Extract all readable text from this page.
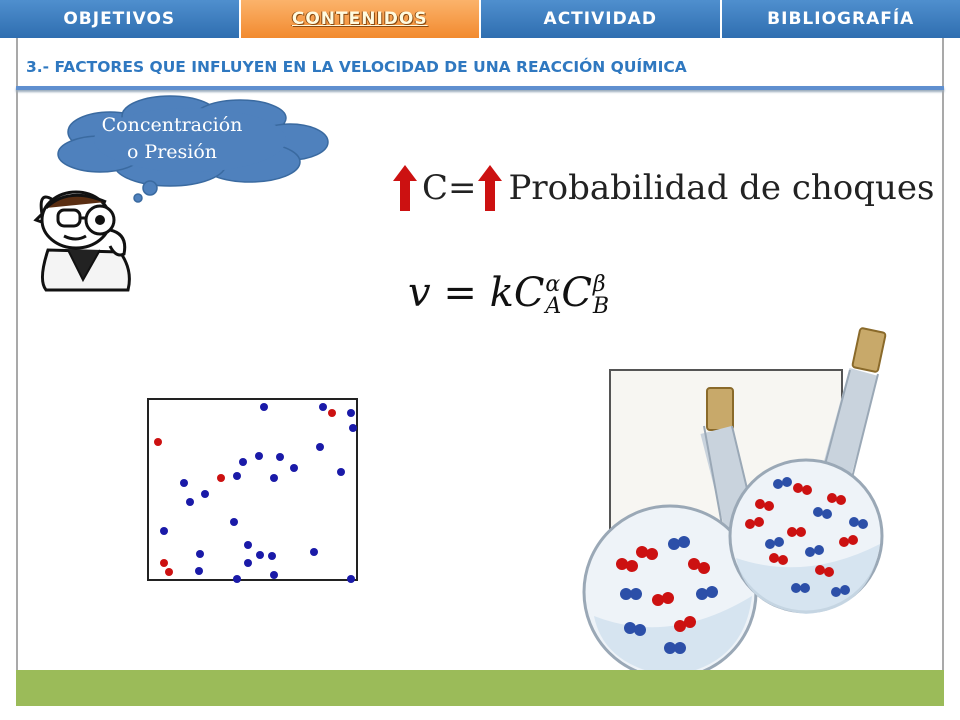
OBJETIVOS	CONTENIDOS	ACTIVIDAD	BIBLIOGRAFÍA
3.- FACTORES QUE INFLUYEN EN LA VELOCIDAD DE UNA REACCIÓN QUÍMICA
Concentración
o Presión
C= Probabilidad de choques
v = kC α
A C β
B
